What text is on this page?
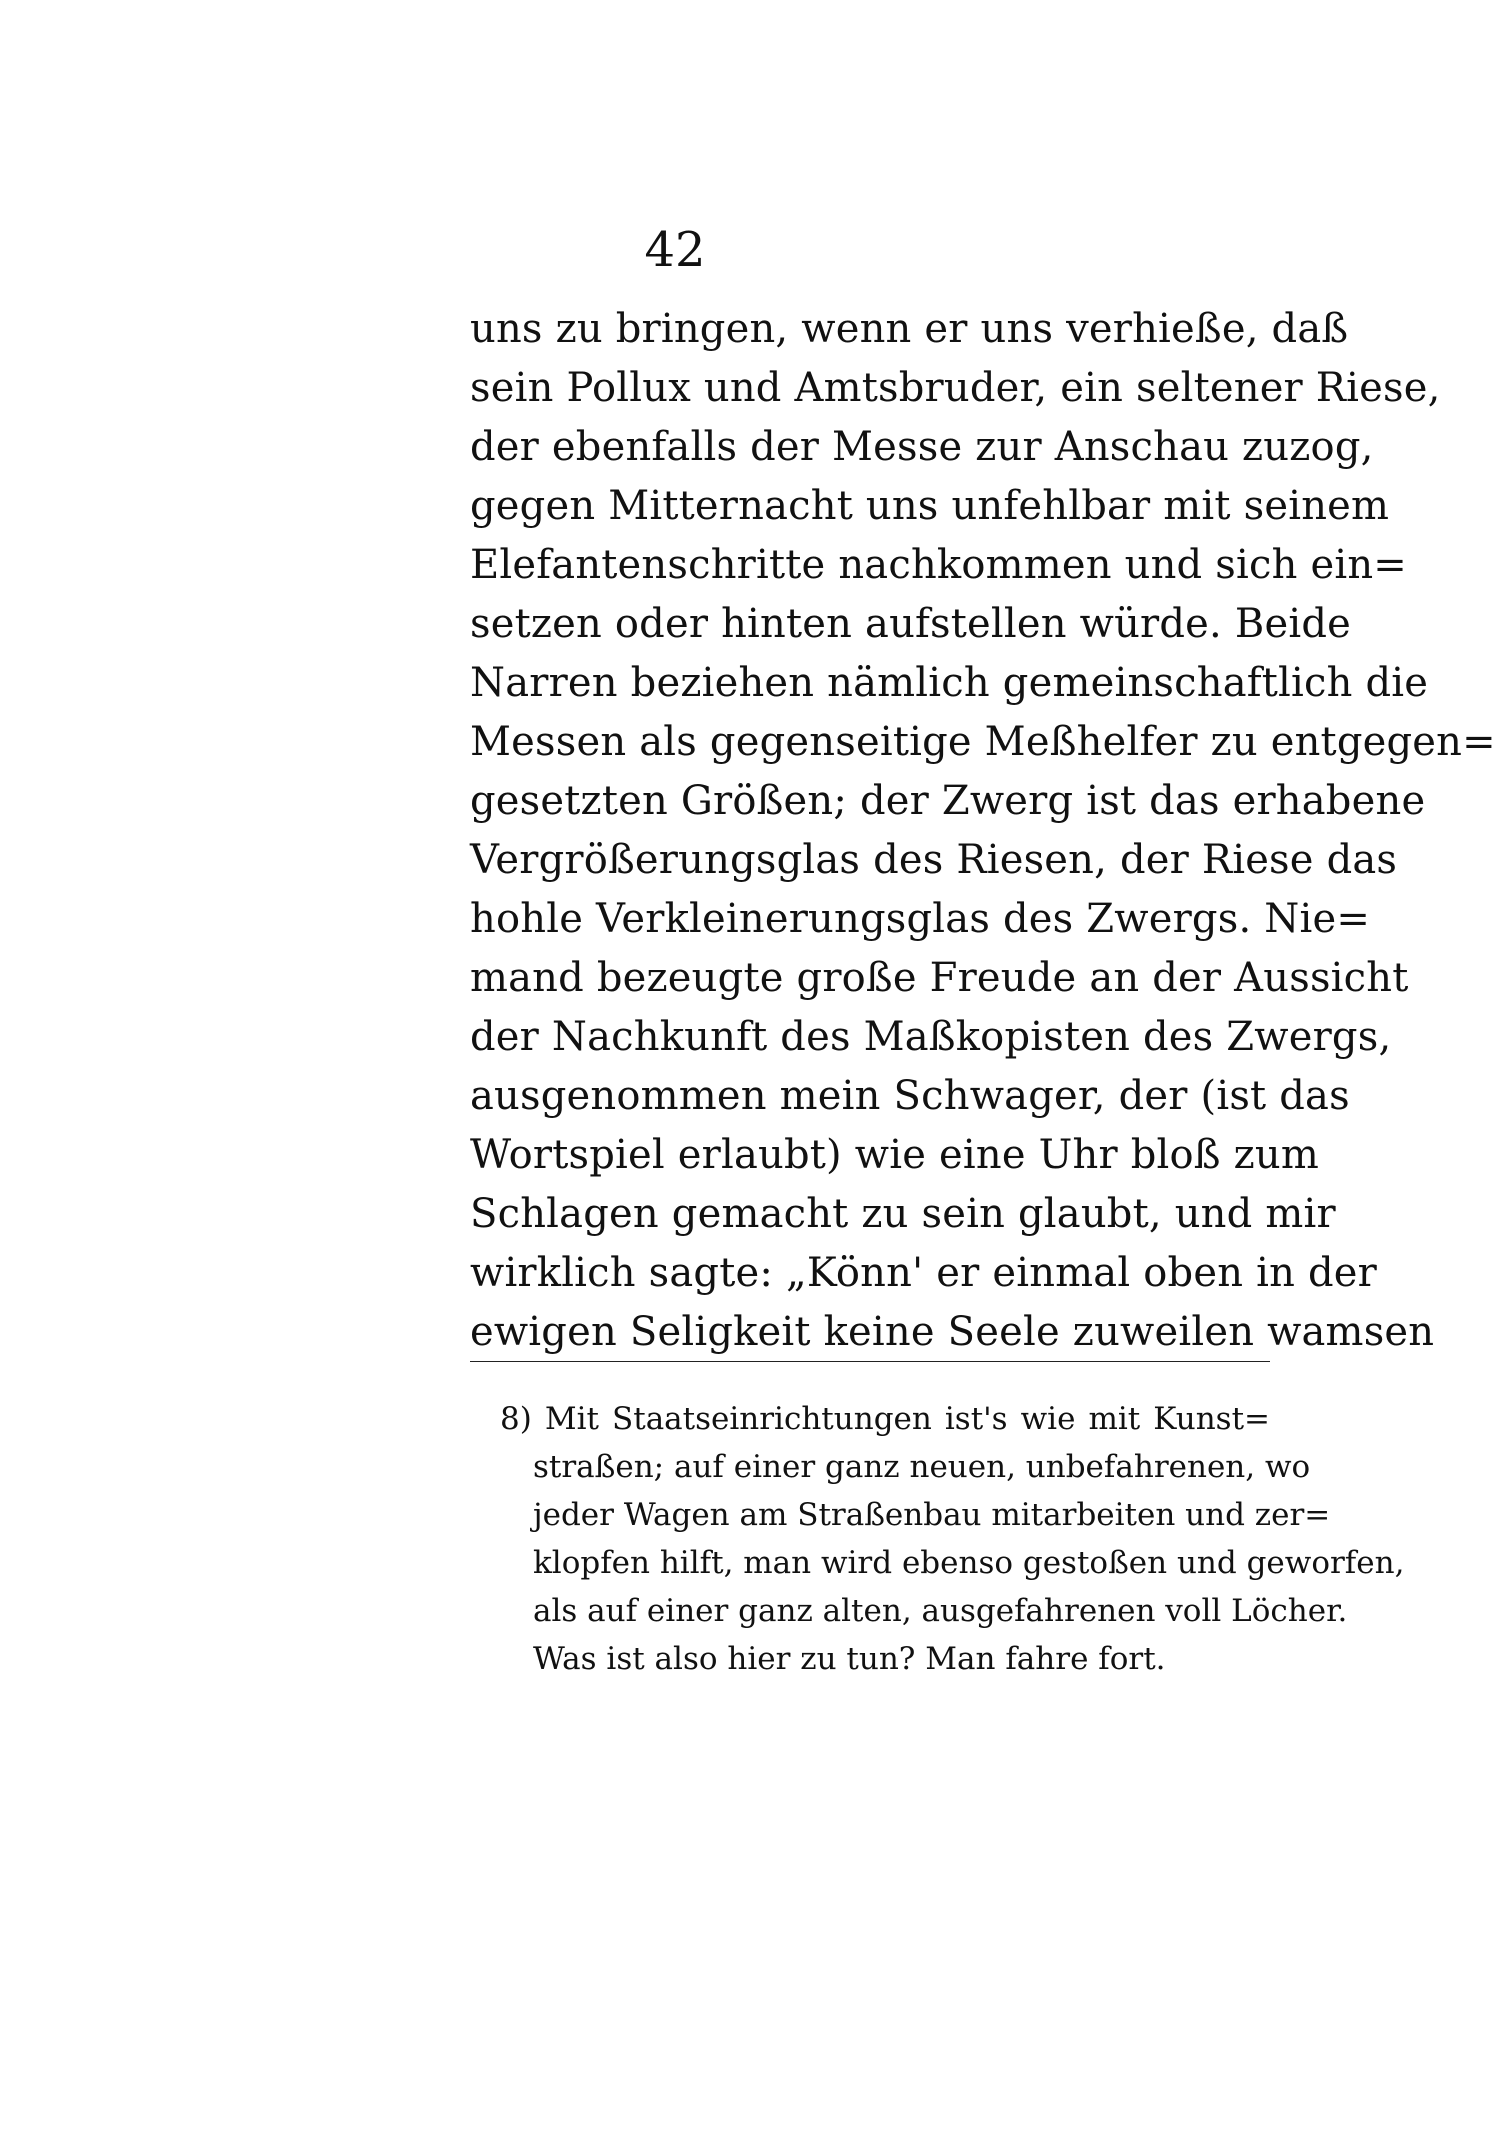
42
uns zu bringen, wenn er uns verhieße, daß
sein Pollux und Amtsbruder, ein seltener Riese,
der ebenfalls der Messe zur Anschau zuzog,
gegen Mitternacht uns unfehlbar mit seinem
Elefantenschritte nachkommen und sich ein=
setzen oder hinten aufstellen würde. Beide
Narren beziehen nämlich gemeinschaftlich die
Messen als gegenseitige Meßhelfer zu entgegen=
gesetzten Größen; der Zwerg ist das erhabene
Vergrößerungsglas des Riesen, der Riese das
hohle Verkleinerungsglas des Zwergs. Nie=
mand bezeugte große Freude an der Aussicht
der Nachkunft des Maßkopisten des Zwergs,
ausgenommen mein Schwager, der (ist das
Wortspiel erlaubt) wie eine Uhr bloß zum
Schlagen gemacht zu sein glaubt, und mir
wirklich sagte: „Könn' er einmal oben in der
ewigen Seligkeit keine Seele zuweilen wamsen
8) Mit Staatseinrichtungen ist's wie mit Kunst=
straßen; auf einer ganz neuen, unbefahrenen, wo
jeder Wagen am Straßenbau mitarbeiten und zer=
klopfen hilft, man wird ebenso gestoßen und geworfen,
als auf einer ganz alten, ausgefahrenen voll Löcher.
Was ist also hier zu tun? Man fahre fort.
